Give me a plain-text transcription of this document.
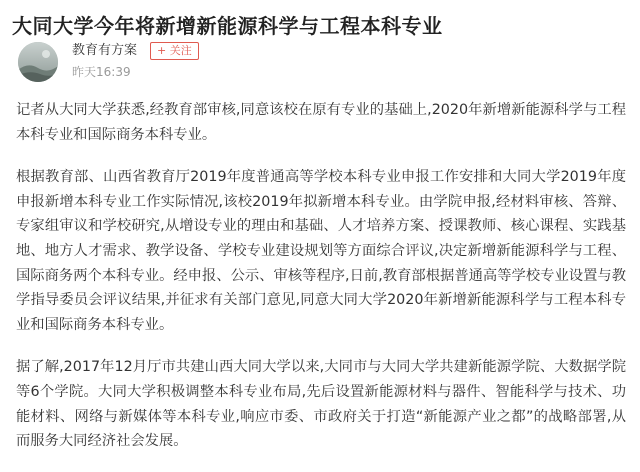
大同大学今年将新增新能源科学与工程本科专业
教育有方案	+ 关注
昨天16:39

记者从大同大学获悉,经教育部审核,同意该校在原有专业的基础上,2020年新增新能源科学与工程本科专业和国际商务本科专业。

根据教育部、山西省教育厅2019年度普通高等学校本科专业申报工作安排和大同大学2019年度申报新增本科专业工作实际情况,该校2019年拟新增本科专业。由学院申报,经材料审核、答辩、专家组审议和学校研究,从增设专业的理由和基础、人才培养方案、授课教师、核心课程、实践基地、地方人才需求、教学设备、学校专业建设规划等方面综合评议,决定新增新能源科学与工程、国际商务两个本科专业。经申报、公示、审核等程序,日前,教育部根据普通高等学校专业设置与教学指导委员会评议结果,并征求有关部门意见,同意大同大学2020年新增新能源科学与工程本科专业和国际商务本科专业。

据了解,2017年12月厅市共建山西大同大学以来,大同市与大同大学共建新能源学院、大数据学院等6个学院。大同大学积极调整本科专业布局,先后设置新能源材料与器件、智能科学与技术、功能材料、网络与新媒体等本科专业,响应市委、市政府关于打造“新能源产业之都”的战略部署,从而服务大同经济社会发展。
